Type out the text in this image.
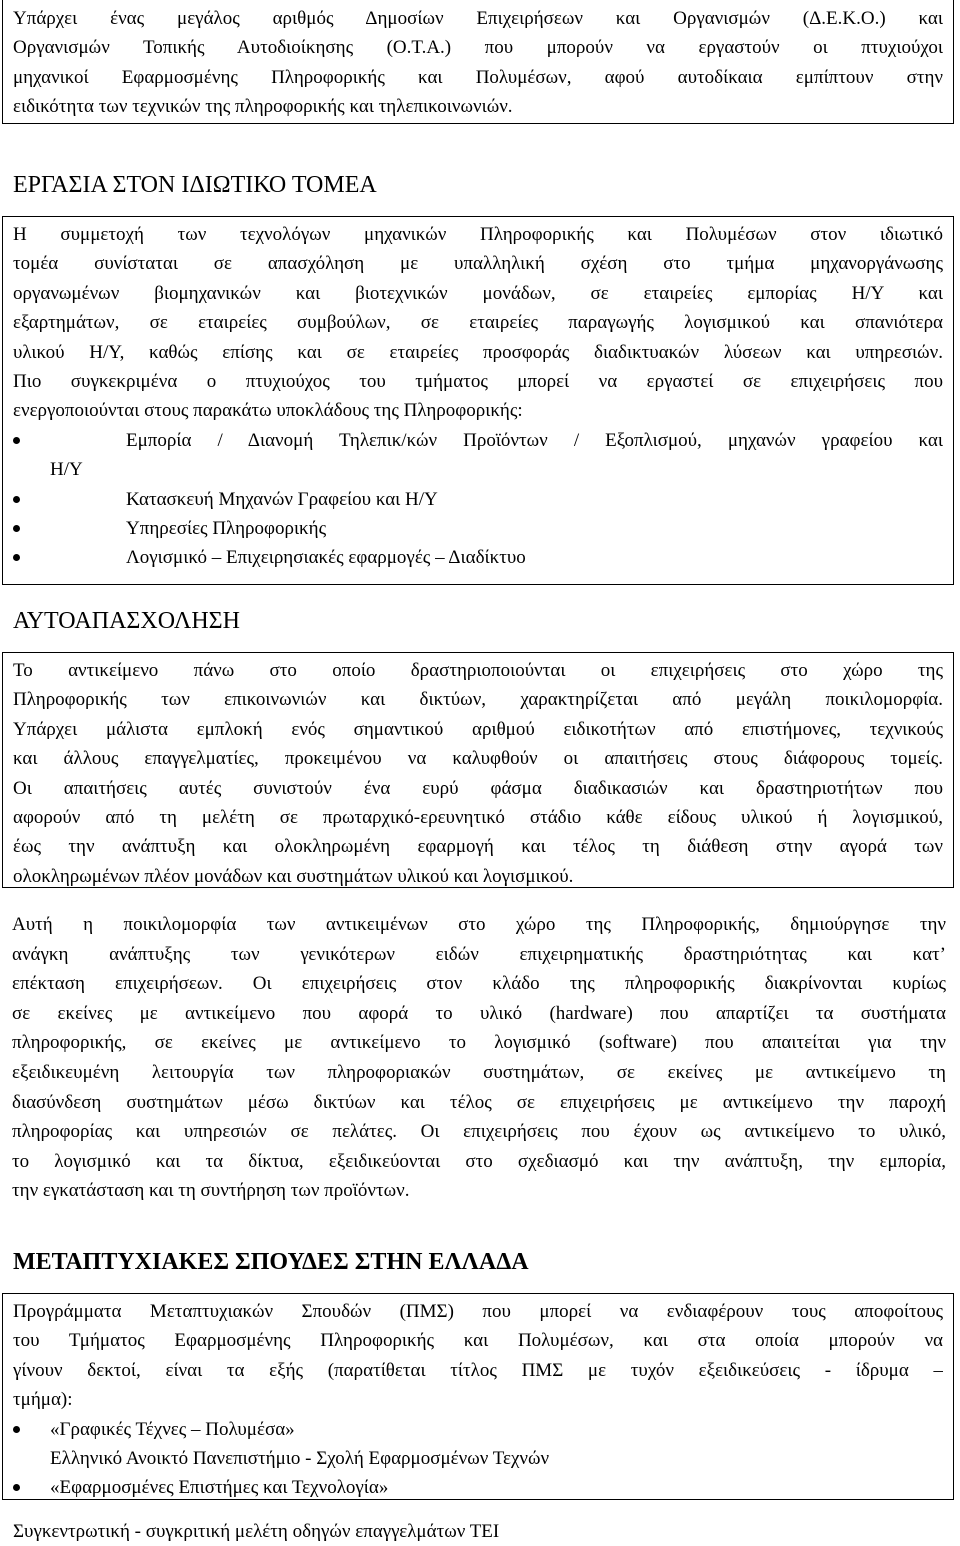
Υπάρχει ένας μεγάλος αριθμός Δημοσίων Επιχειρήσεων και Οργανισμών (Δ.Ε.Κ.Ο.) και
Οργανισμών Τοπικής Αυτοδιοίκησης (Ο.Τ.Α.) που μπορούν να εργαστούν οι πτυχιούχοι
μηχανικοί Εφαρμοσμένης Πληροφορικής και Πολυμέσων, αφού αυτοδίκαια εμπίπτουν στην
ειδικότητα των τεχνικών της πληροφορικής και τηλεπικοινωνιών.
ΕΡΓΑΣΙΑ ΣΤΟΝ ΙΔΙΩΤΙΚΟ ΤΟΜΕΑ
Η συμμετοχή των τεχνολόγων μηχανικών Πληροφορικής και Πολυμέσων στον ιδιωτικό
τομέα συνίσταται σε απασχόληση με υπαλληλική σχέση στο τμήμα μηχανοργάνωσης
οργανωμένων βιομηχανικών και βιοτεχνικών μονάδων, σε εταιρείες εμπορίας Η/Υ και
εξαρτημάτων, σε εταιρείες συμβούλων, σε εταιρείες παραγωγής λογισμικού και σπανιότερα
υλικού Η/Υ, καθώς επίσης και σε εταιρείες προσφοράς διαδικτυακών λύσεων και υπηρεσιών.
Πιο συγκεκριμένα ο πτυχιούχος του τμήματος μπορεί να εργαστεί σε επιχειρήσεις που
ενεργοποιούνται στους παρακάτω υποκλάδους της Πληροφορικής:
Εμπορία / Διανομή Τηλεπικ/κών Προϊόντων / Εξοπλισμού, μηχανών γραφείου και
Η/Υ
Κατασκευή Μηχανών Γραφείου και Η/Υ
Υπηρεσίες Πληροφορικής
Λογισμικό – Επιχειρησιακές εφαρμογές – Διαδίκτυο
ΑΥΤΟΑΠΑΣΧΟΛΗΣΗ
Το αντικείμενο πάνω στο οποίο δραστηριοποιούνται οι επιχειρήσεις στο χώρο της
Πληροφορικής των επικοινωνιών και δικτύων, χαρακτηρίζεται από μεγάλη ποικιλομορφία.
Υπάρχει μάλιστα εμπλοκή ενός σημαντικού αριθμού ειδικοτήτων από επιστήμονες, τεχνικούς
και άλλους επαγγελματίες, προκειμένου να καλυφθούν οι απαιτήσεις στους διάφορους τομείς.
Οι απαιτήσεις αυτές συνιστούν ένα ευρύ φάσμα διαδικασιών και δραστηριοτήτων που
αφορούν από τη μελέτη σε πρωταρχικό-ερευνητικό στάδιο κάθε είδους υλικού ή λογισμικού,
έως την ανάπτυξη και ολοκληρωμένη εφαρμογή και τέλος τη διάθεση στην αγορά των
ολοκληρωμένων πλέον μονάδων και συστημάτων υλικού και λογισμικού.
Αυτή η ποικιλομορφία των αντικειμένων στο χώρο της Πληροφορικής, δημιούργησε την
ανάγκη ανάπτυξης των γενικότερων ειδών επιχειρηματικής δραστηριότητας και κατ’
επέκταση επιχειρήσεων. Οι επιχειρήσεις στον κλάδο της πληροφορικής διακρίνονται κυρίως
σε εκείνες με αντικείμενο που αφορά το υλικό (hardware) που απαρτίζει τα συστήματα
πληροφορικής, σε εκείνες με αντικείμενο το λογισμικό (software) που απαιτείται για την
εξειδικευμένη λειτουργία των πληροφοριακών συστημάτων, σε εκείνες με αντικείμενο τη
διασύνδεση συστημάτων μέσω δικτύων και τέλος σε επιχειρήσεις με αντικείμενο την παροχή
πληροφορίας και υπηρεσιών σε πελάτες. Οι επιχειρήσεις που έχουν ως αντικείμενο το υλικό,
το λογισμικό και τα δίκτυα, εξειδικεύονται στο σχεδιασμό και την ανάπτυξη, την εμπορία,
την εγκατάσταση και τη συντήρηση των προϊόντων.
ΜΕΤΑΠΤΥΧΙΑΚΕΣ ΣΠΟΥΔΕΣ ΣΤΗΝ ΕΛΛΑΔΑ
Προγράμματα Μεταπτυχιακών Σπουδών (ΠΜΣ) που μπορεί να ενδιαφέρουν τους αποφοίτους
του Τμήματος Εφαρμοσμένης Πληροφορικής και Πολυμέσων, και στα οποία μπορούν να
γίνουν δεκτοί, είναι τα εξής (παρατίθεται τίτλος ΠΜΣ με τυχόν εξειδικεύσεις - ίδρυμα –
τμήμα):
«Γραφικές Τέχνες – Πολυμέσα»
Ελληνικό Ανοικτό Πανεπιστήμιο - Σχολή Εφαρμοσμένων Τεχνών
«Εφαρμοσμένες Επιστήμες και Τεχνολογία»
Συγκεντρωτική - συγκριτική μελέτη οδηγών επαγγελμάτων ΤΕΙ
